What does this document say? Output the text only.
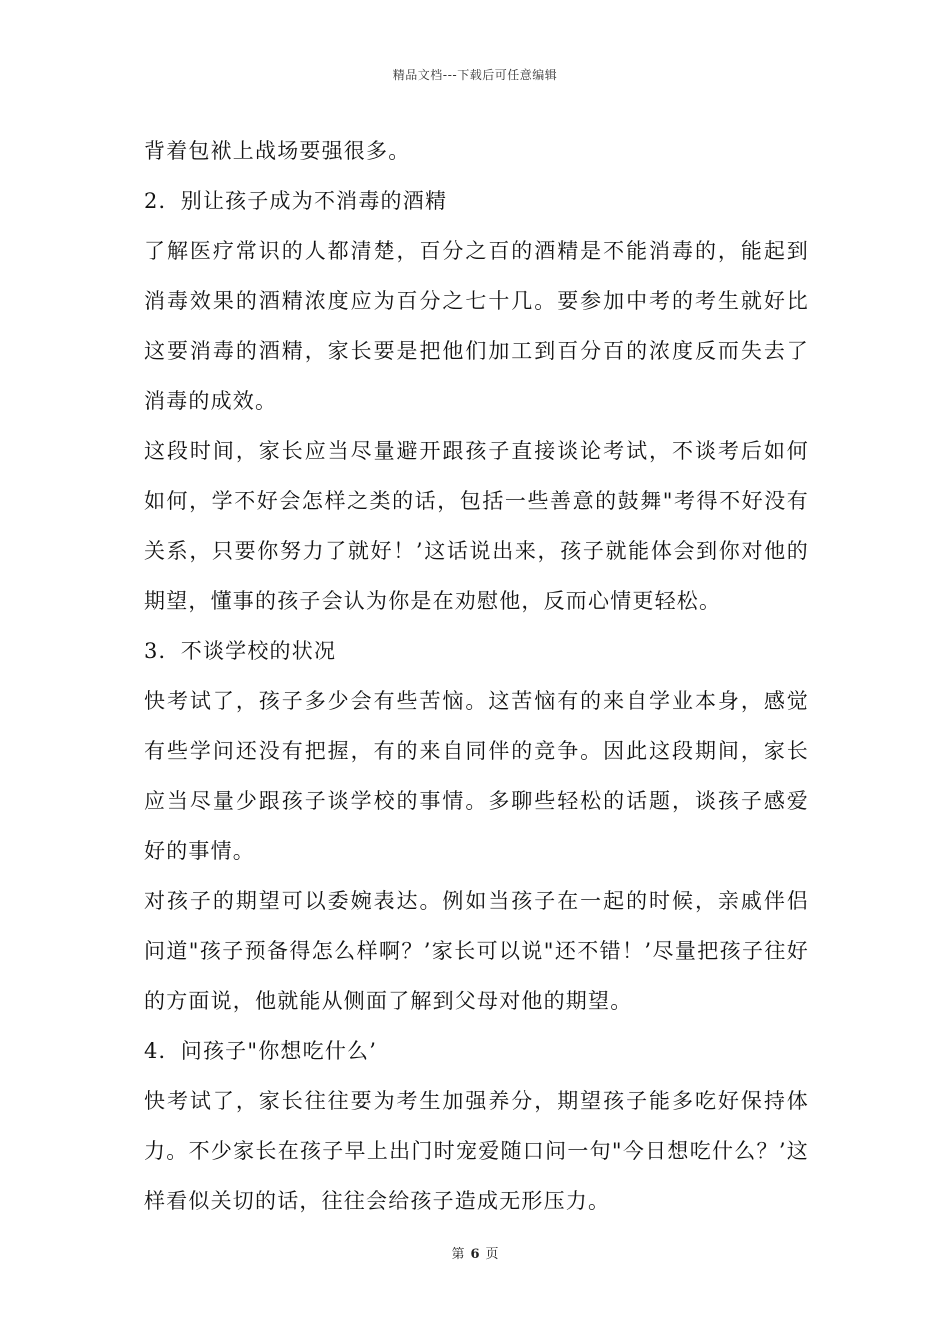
精品文档---下载后可任意编辑

背着包袱上战场要强很多。

2．别让孩子成为不消毒的酒精

了解医疗常识的人都清楚，百分之百的酒精是不能消毒的，能起到消毒效果的酒精浓度应为百分之七十几。要参加中考的考生就好比这要消毒的酒精，家长要是把他们加工到百分百的浓度反而失去了消毒的成效。

这段时间，家长应当尽量避开跟孩子直接谈论考试，不谈考后如何如何，学不好会怎样之类的话，包括一些善意的鼓舞"考得不好没有关系，只要你努力了就好！’这话说出来，孩子就能体会到你对他的期望，懂事的孩子会认为你是在劝慰他，反而心情更轻松。

3．不谈学校的状况

快考试了，孩子多少会有些苦恼。这苦恼有的来自学业本身，感觉有些学问还没有把握，有的来自同伴的竞争。因此这段期间，家长应当尽量少跟孩子谈学校的事情。多聊些轻松的话题，谈孩子感爱好的事情。

对孩子的期望可以委婉表达。例如当孩子在一起的时候，亲戚伴侣问道"孩子预备得怎么样啊？’家长可以说"还不错！’尽量把孩子往好的方面说，他就能从侧面了解到父母对他的期望。

4．问孩子"你想吃什么’

快考试了，家长往往要为考生加强养分，期望孩子能多吃好保持体力。不少家长在孩子早上出门时宠爱随口问一句"今日想吃什么？’这样看似关切的话，往往会给孩子造成无形压力。

第 6 页
